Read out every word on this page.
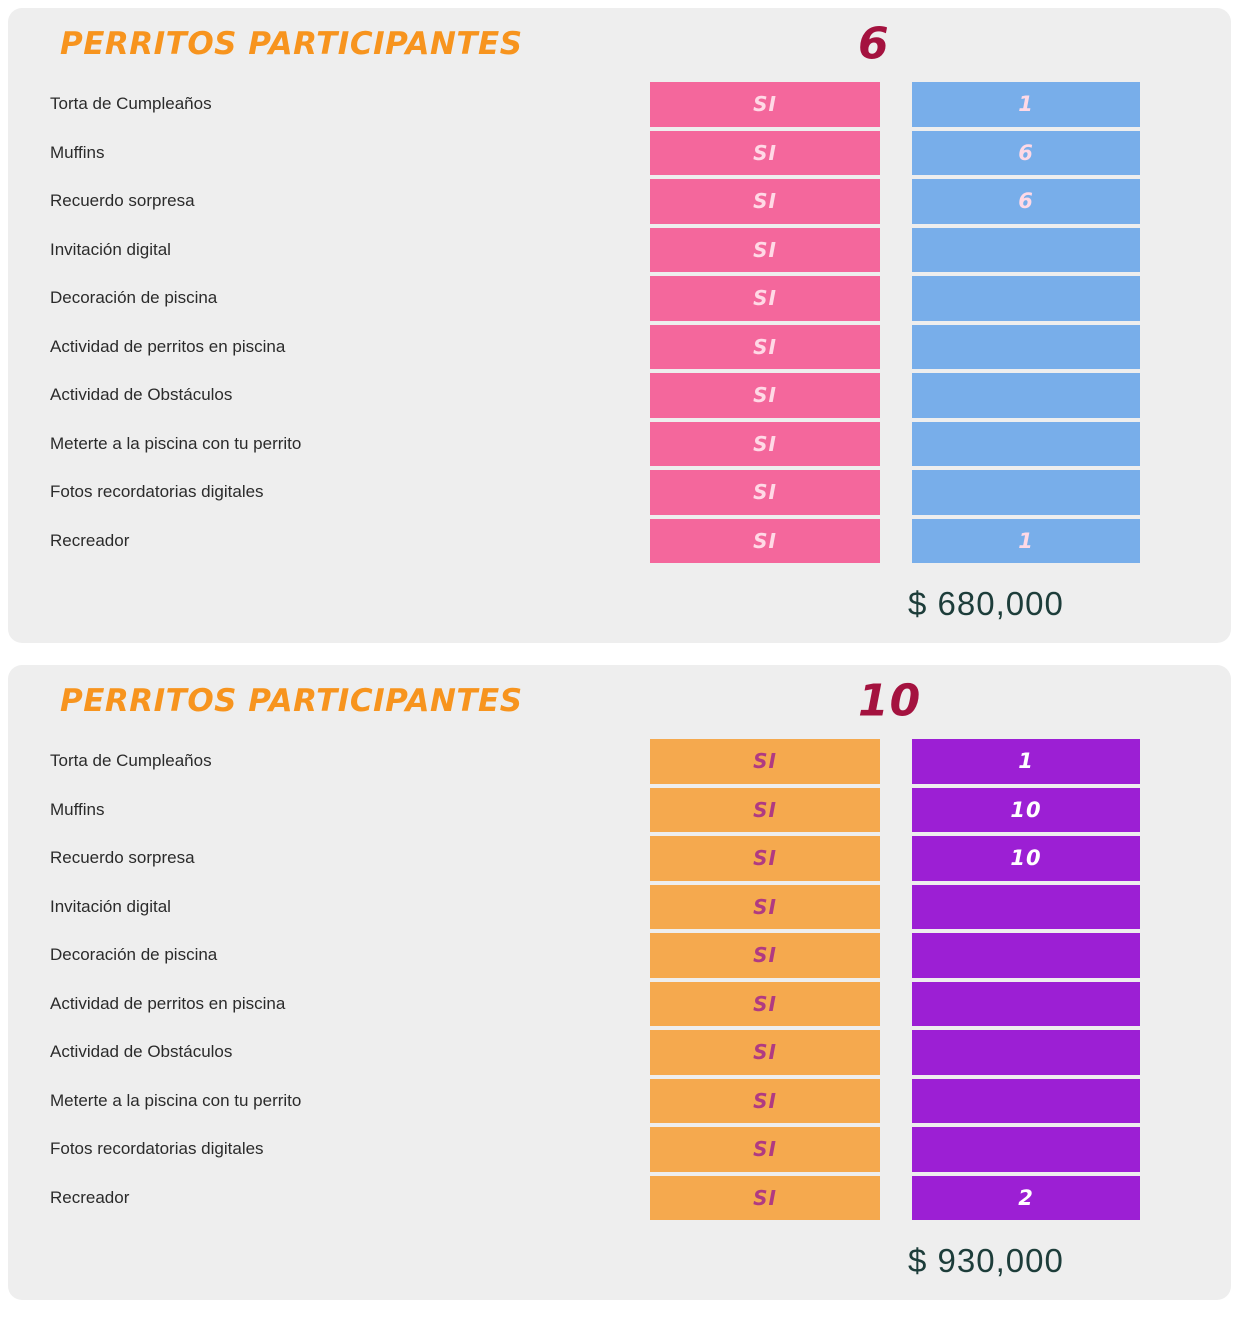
PERRITOS PARTICIPANTES	6
Torta de Cumpleaños	SI	1
Muffins	SI	6
Recuerdo sorpresa	SI	6
Invitación digital	SI
Decoración de piscina	SI
Actividad de perritos en piscina	SI
Actividad de Obstáculos	SI
Meterte a la piscina con tu perrito	SI
Fotos recordatorias digitales	SI
Recreador	SI	1
$ 680,000
PERRITOS PARTICIPANTES	10
Torta de Cumpleaños	SI	1
Muffins	SI	10
Recuerdo sorpresa	SI	10
Invitación digital	SI
Decoración de piscina	SI
Actividad de perritos en piscina	SI
Actividad de Obstáculos	SI
Meterte a la piscina con tu perrito	SI
Fotos recordatorias digitales	SI
Recreador	SI	2
$ 930,000
